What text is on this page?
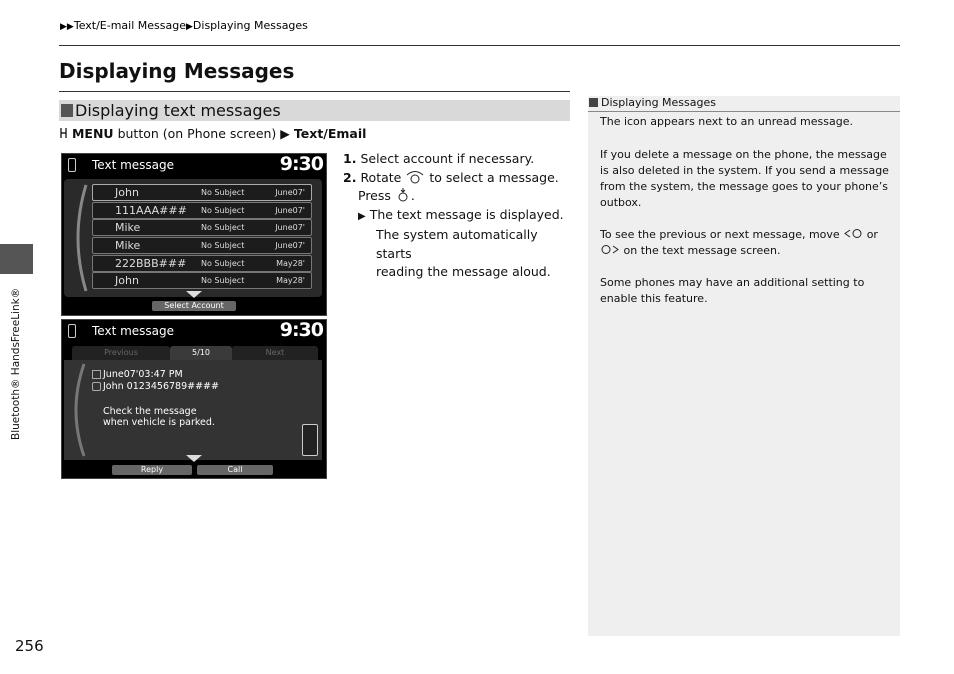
▶▶Text/E-mail Message▶Displaying Messages
Displaying Messages
Displaying text messages
MENU button (on Phone screen) ▶ Text/Email
Text message	9:30
John	No Subject	June07'
111AAA### No Subject	June07'
Mike	No Subject	June07'
Mike	No Subject	June07'
222BBB### No Subject	May28'
John	No Subject	May28'
Select Account
Text message	9:30
Previous	5/10	Next
June07'03:47 PM
John 0123456789####
Check the message
when vehicle is parked.
Reply	Call
1. Select account if necessary.
2. Rotate to select a message.
Press .
▶ The text message is displayed.
The system automatically starts
reading the message aloud.
Displaying Messages
The icon appears next to an unread message.
If you delete a message on the phone, the message is also deleted in the system. If you send a message from the system, the message goes to your phone’s outbox.
To see the previous or next message, move or
on the text message screen.
Some phones may have an additional setting to enable this feature.
Bluetooth® HandsFreeLink®
256
